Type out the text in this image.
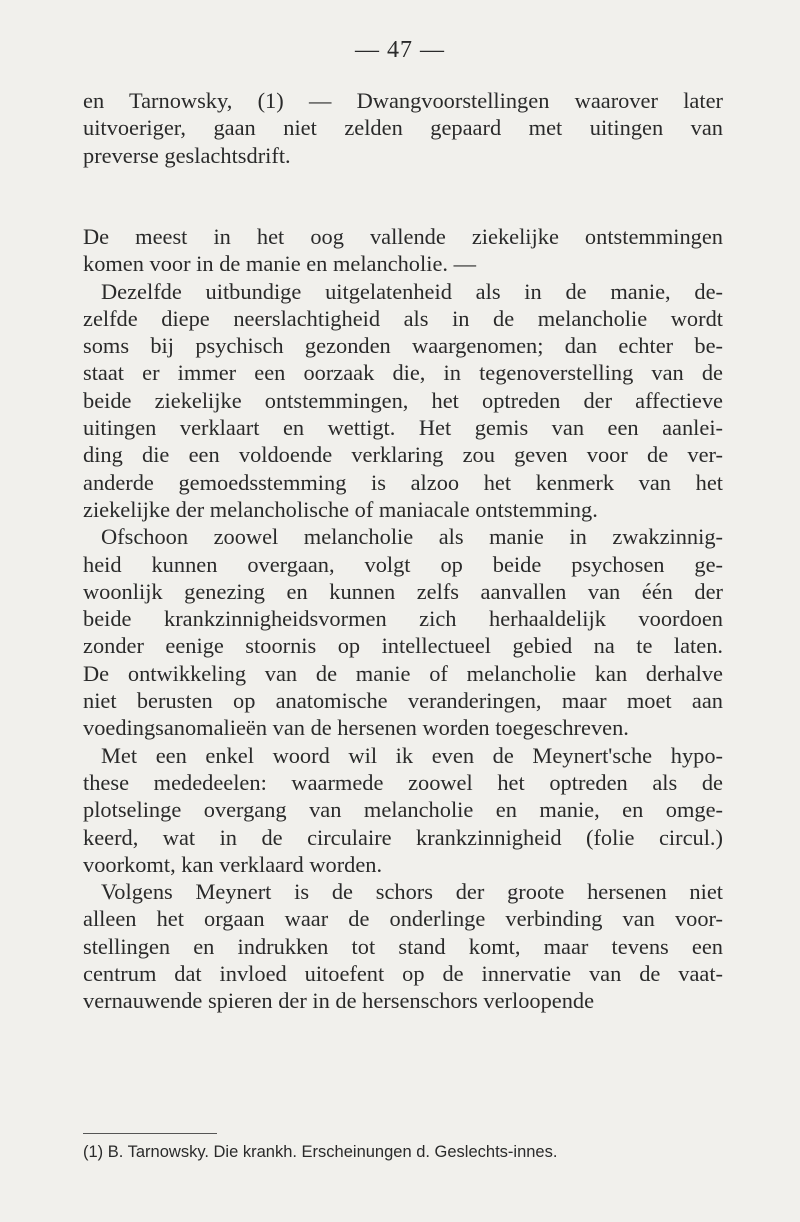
— 47 —
en Tarnowsky, (1) — Dwangvoorstellingen waarover later
uitvoeriger, gaan niet zelden gepaard met uitingen van
preverse geslachtsdrift.
De meest in het oog vallende ziekelijke ontstemmingen
komen voor in de manie en melancholie. —
Dezelfde uitbundige uitgelatenheid als in de manie, de-
zelfde diepe neerslachtigheid als in de melancholie wordt
soms bij psychisch gezonden waargenomen; dan echter be-
staat er immer een oorzaak die, in tegenoverstelling van de
beide ziekelijke ontstemmingen, het optreden der affectieve
uitingen verklaart en wettigt. Het gemis van een aanlei-
ding die een voldoende verklaring zou geven voor de ver-
anderde gemoedsstemming is alzoo het kenmerk van het
ziekelijke der melancholische of maniacale ontstemming.
Ofschoon zoowel melancholie als manie in zwakzinnig-
heid kunnen overgaan, volgt op beide psychosen ge-
woonlijk genezing en kunnen zelfs aanvallen van één der
beide krankzinnigheidsvormen zich herhaaldelijk voordoen
zonder eenige stoornis op intellectueel gebied na te laten.
De ontwikkeling van de manie of melancholie kan derhalve
niet berusten op anatomische veranderingen, maar moet aan
voedingsanomalieën van de hersenen worden toegeschreven.
Met een enkel woord wil ik even de Meynert'sche hypo-
these mededeelen: waarmede zoowel het optreden als de
plotselinge overgang van melancholie en manie, en omge-
keerd, wat in de circulaire krankzinnigheid (folie circul.)
voorkomt, kan verklaard worden.
Volgens Meynert is de schors der groote hersenen niet
alleen het orgaan waar de onderlinge verbinding van voor-
stellingen en indrukken tot stand komt, maar tevens een
centrum dat invloed uitoefent op de innervatie van de vaat-
vernauwende spieren der in de hersenschors verloopende
(1) B. Tarnowsky. Die krankh. Erscheinungen d. Geslechts-innes.
